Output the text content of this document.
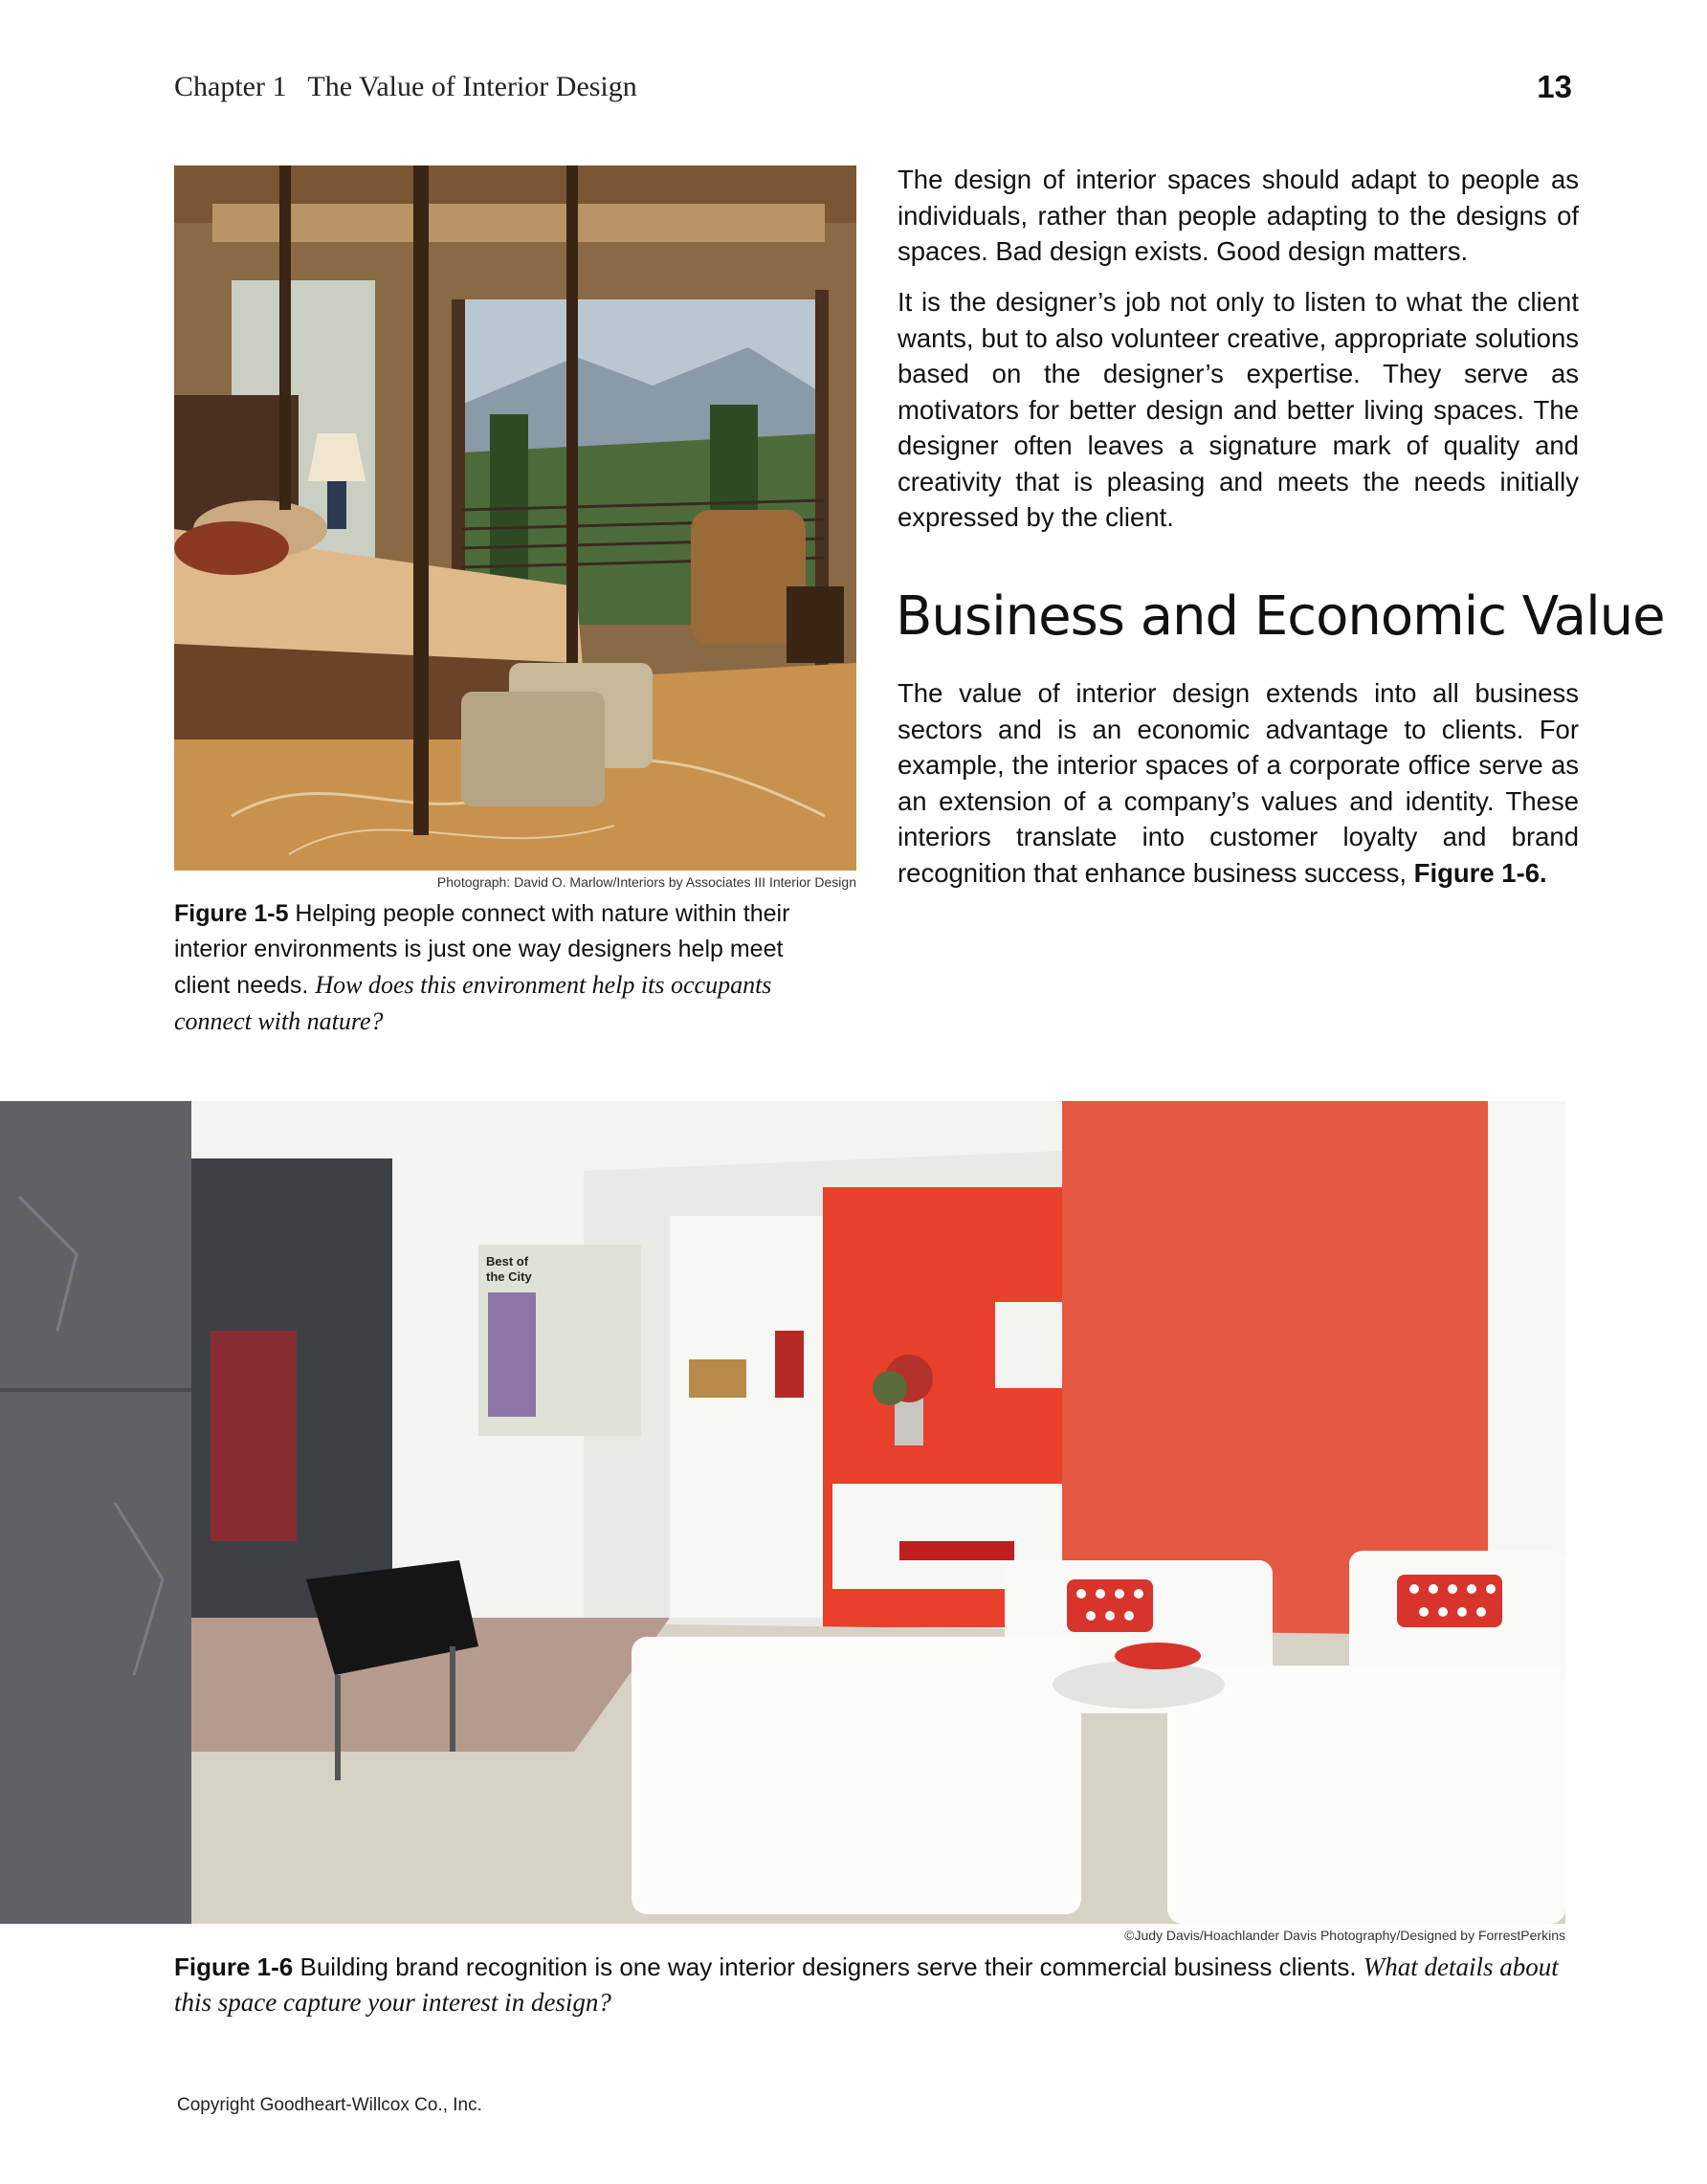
Chapter 1   The Value of Interior Design	13
Photograph: David O. Marlow/Interiors by Associates III Interior Design
Figure 1-5 Helping people connect with nature within their interior environments is just one way designers help meet client needs. How does this environment help its occupants connect with nature?

The design of interior spaces should adapt to people as individuals, rather than people adapting to the designs of spaces. Bad design exists. Good design matters.

It is the designer’s job not only to listen to what the client wants, but to also volunteer creative, appropriate solutions based on the designer’s expertise. They serve as motivators for better design and better living spaces. The designer often leaves a signature mark of quality and creativity that is pleasing and meets the needs initially expressed by the client.

Business and Economic Value

The value of interior design extends into all business sectors and is an economic advantage to clients. For example, the interior spaces of a corporate office serve as an extension of a company’s values and identity. These interiors translate into customer loyalty and brand recognition that enhance business success, Figure 1-6.

Best of
the City
©Judy Davis/Hoachlander Davis Photography/Designed by ForrestPerkins
Figure 1-6 Building brand recognition is one way interior designers serve their commercial business clients. What details about this space capture your interest in design?
Copyright Goodheart-Willcox Co., Inc.
